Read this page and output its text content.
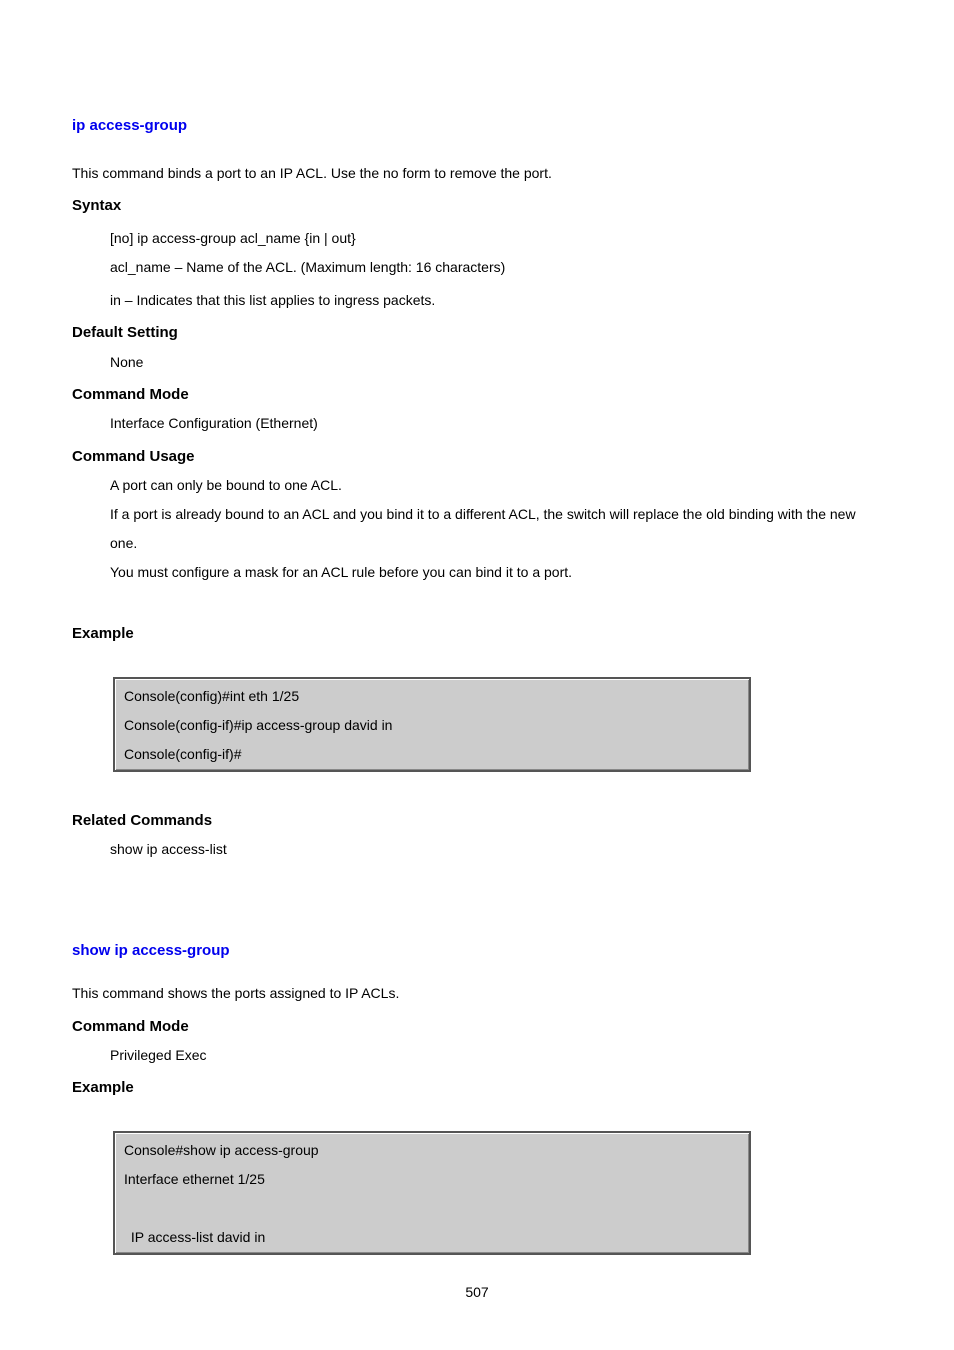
ip access-group
This command binds a port to an IP ACL. Use the no form to remove the port.
Syntax
[no] ip access-group acl_name {in | out}
acl_name – Name of the ACL. (Maximum length: 16 characters)
in – Indicates that this list applies to ingress packets.
Default Setting
None
Command Mode
Interface Configuration (Ethernet)
Command Usage
A port can only be bound to one ACL.
If a port is already bound to an ACL and you bind it to a different ACL, the switch will replace the old binding with the new
one.
You must configure a mask for an ACL rule before you can bind it to a port.
Example
Console(config)#int eth 1/25
Console(config-if)#ip access-group david in
Console(config-if)#
Related Commands
show ip access-list
show ip access-group
This command shows the ports assigned to IP ACLs.
Command Mode
Privileged Exec
Example
Console#show ip access-group
Interface ethernet 1/25
IP access-list david in
507
